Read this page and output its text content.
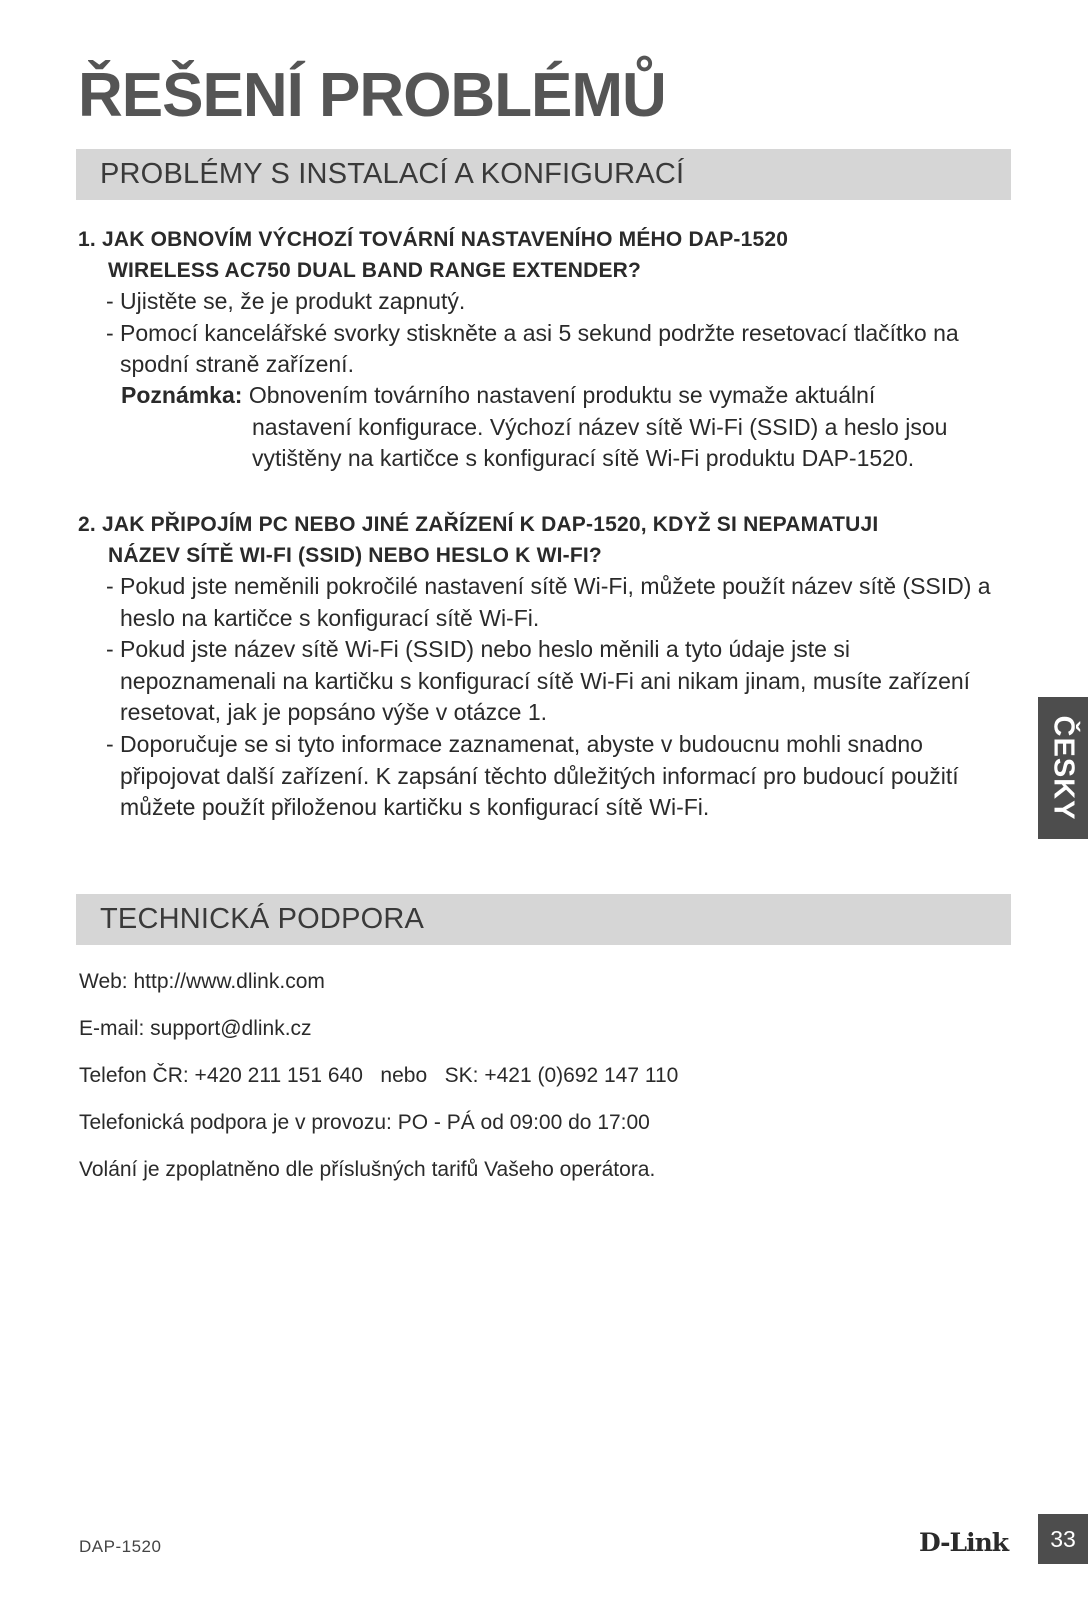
ŘEŠENÍ PROBLÉMŮ
PROBLÉMY S INSTALACÍ A KONFIGURACÍ
1. JAK OBNOVÍM VÝCHOZÍ TOVÁRNÍ NASTAVENÍHO MÉHO DAP-1520
WIRELESS AC750 DUAL BAND RANGE EXTENDER?
- Ujistěte se, že je produkt zapnutý.
- Pomocí kancelářské svorky stiskněte a asi 5 sekund podržte resetovací tlačítko na spodní straně zařízení.
Poznámka: Obnovením továrního nastavení produktu se vymaže aktuální
nastavení konfigurace. Výchozí název sítě Wi-Fi (SSID) a heslo jsou vytištěny na kartičce s konfigurací sítě Wi-Fi produktu DAP-1520.
2. JAK PŘIPOJÍM PC NEBO JINÉ ZAŘÍZENÍ K DAP-1520, KDYŽ SI NEPAMATUJI
NÁZEV SÍTĚ WI-FI (SSID) NEBO HESLO K WI-FI?
- Pokud jste neměnili pokročilé nastavení sítě Wi-Fi, můžete použít název sítě (SSID) a heslo na kartičce s konfigurací sítě Wi-Fi.
- Pokud jste název sítě Wi-Fi (SSID) nebo heslo měnili a tyto údaje jste si nepoznamenali na kartičku s konfigurací sítě Wi-Fi ani nikam jinam, musíte zařízení resetovat, jak je popsáno výše v otázce 1.
- Doporučuje se si tyto informace zaznamenat, abyste v budoucnu mohli snadno připojovat další zařízení. K zapsání těchto důležitých informací pro budoucí použití můžete použít přiloženou kartičku s konfigurací sítě Wi-Fi.
TECHNICKÁ PODPORA
Web: http://www.dlink.com
E-mail: support@dlink.cz
Telefon ČR: +420 211 151 640   nebo   SK: +421 (0)692 147 110
Telefonická podpora je v provozu: PO - PÁ od 09:00 do 17:00
Volání je zpoplatněno dle příslušných tarifů Vašeho operátora.
ČESKY
DAP-1520	D-Link	33
